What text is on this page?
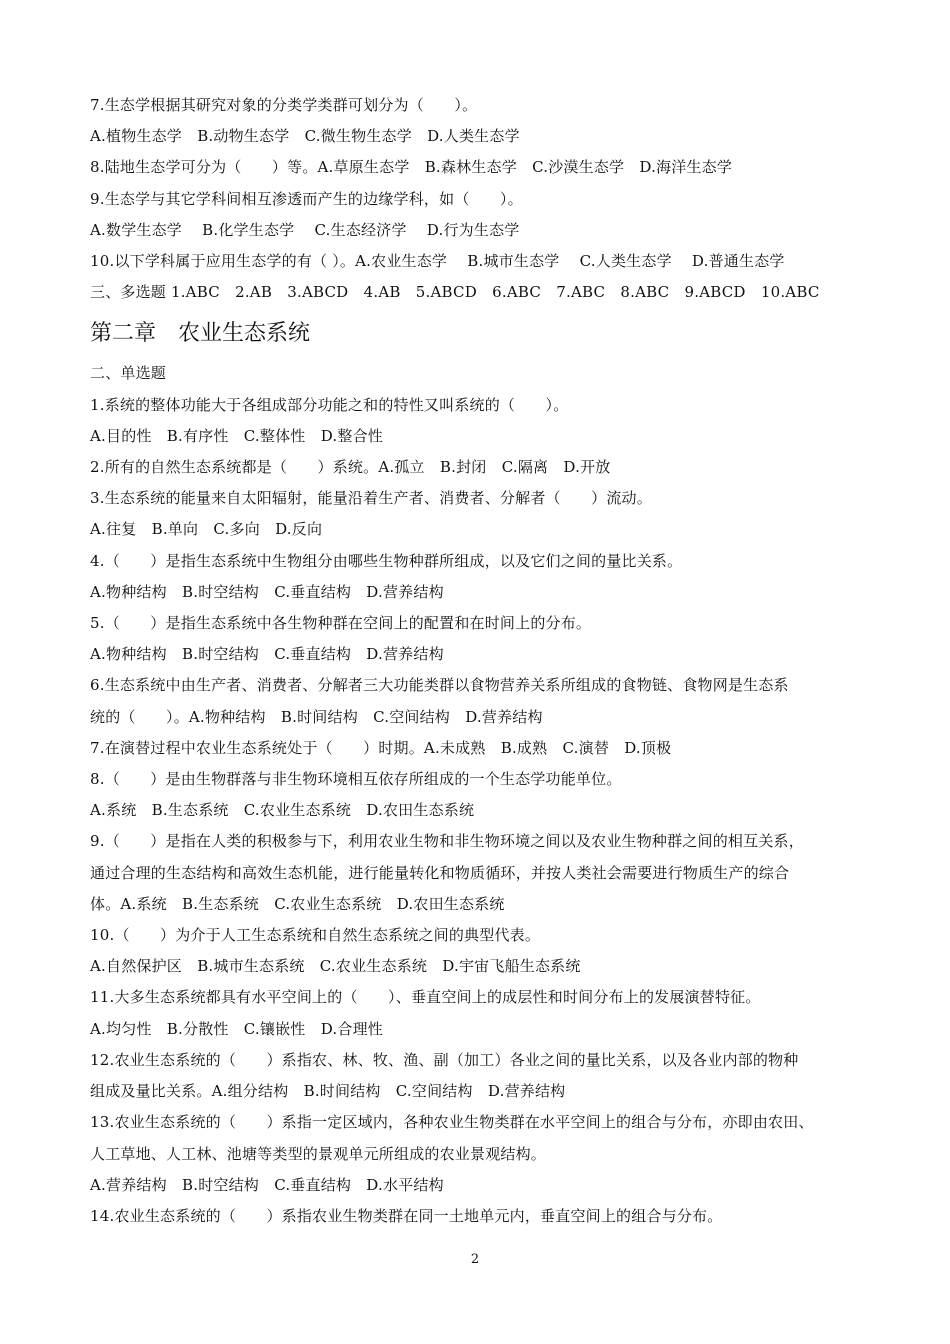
7.生态学根据其研究对象的分类学类群可划分为（　　）。
A.植物生态学　B.动物生态学　C.微生物生态学　D.人类生态学
8.陆地生态学可分为（　　）等。A.草原生态学　B.森林生态学　C.沙漠生态学　D.海洋生态学
9.生态学与其它学科间相互渗透而产生的边缘学科，如（　　）。
A.数学生态学　 B.化学生态学　 C.生态经济学　 D.行为生态学
10.以下学科属于应用生态学的有（ ）。A.农业生态学　 B.城市生态学　 C.人类生态学　 D.普通生态学
三、多选题 1.ABC　2.AB　3.ABCD　4.AB　5.ABCD　6.ABC　7.ABC　8.ABC　9.ABCD　10.ABC
第二章　农业生态系统
二、单选题
1.系统的整体功能大于各组成部分功能之和的特性又叫系统的（　　）。
A.目的性　B.有序性　C.整体性　D.整合性
2.所有的自然生态系统都是（　　）系统。A.孤立　B.封闭　C.隔离　D.开放
3.生态系统的能量来自太阳辐射，能量沿着生产者、消费者、分解者（　　）流动。
A.往复　B.单向　C.多向　D.反向
4.（　　）是指生态系统中生物组分由哪些生物种群所组成，以及它们之间的量比关系。
A.物种结构　B.时空结构　C.垂直结构　D.营养结构
5.（　　）是指生态系统中各生物种群在空间上的配置和在时间上的分布。
A.物种结构　B.时空结构　C.垂直结构　D.营养结构
6.生态系统中由生产者、消费者、分解者三大功能类群以食物营养关系所组成的食物链、食物网是生态系
统的（　　）。A.物种结构　B.时间结构　C.空间结构　D.营养结构
7.在演替过程中农业生态系统处于（　　）时期。A.未成熟　B.成熟　C.演替　D.顶极
8.（　　）是由生物群落与非生物环境相互依存所组成的一个生态学功能单位。
A.系统　B.生态系统　C.农业生态系统　D.农田生态系统
9.（　　）是指在人类的积极参与下，利用农业生物和非生物环境之间以及农业生物种群之间的相互关系，
通过合理的生态结构和高效生态机能，进行能量转化和物质循环，并按人类社会需要进行物质生产的综合
体。A.系统　B.生态系统　C.农业生态系统　D.农田生态系统
10.（　　）为介于人工生态系统和自然生态系统之间的典型代表。
A.自然保护区　B.城市生态系统　C.农业生态系统　D.宇宙飞船生态系统
11.大多生态系统都具有水平空间上的（　　）、垂直空间上的成层性和时间分布上的发展演替特征。
A.均匀性　B.分散性　C.镶嵌性　D.合理性
12.农业生态系统的（　　）系指农、林、牧、渔、副（加工）各业之间的量比关系，以及各业内部的物种
组成及量比关系。A.组分结构　B.时间结构　C.空间结构　D.营养结构
13.农业生态系统的（　　）系指一定区域内，各种农业生物类群在水平空间上的组合与分布，亦即由农田、
人工草地、人工林、池塘等类型的景观单元所组成的农业景观结构。
A.营养结构　B.时空结构　C.垂直结构　D.水平结构
14.农业生态系统的（　　）系指农业生物类群在同一土地单元内，垂直空间上的组合与分布。
2
